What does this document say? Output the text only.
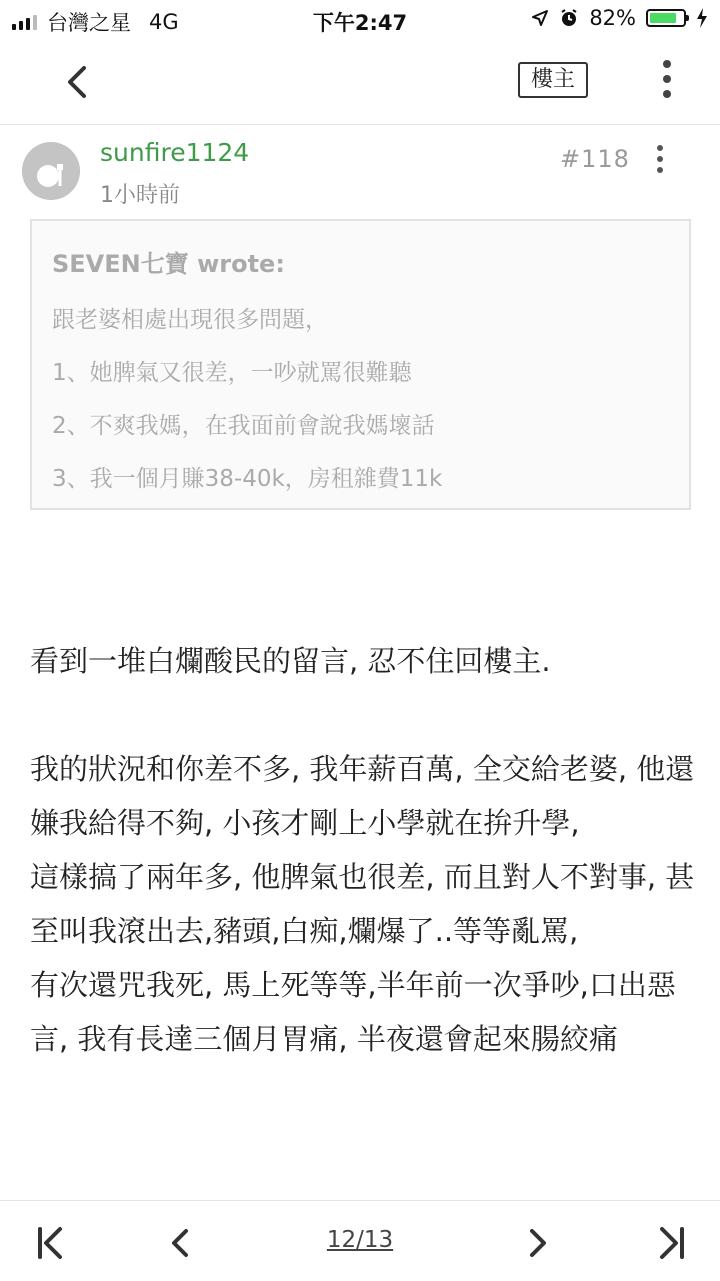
台灣之星 4G	下午2:47	82%
樓主
sunfire1124
1小時前
#118
SEVEN七寶 wrote:
跟老婆相處出現很多問題，
1、她脾氣又很差，一吵就罵很難聽
2、不爽我媽，在我面前會說我媽壞話
3、我一個月賺38-40k，房租雜費11k

看到一堆白爛酸民的留言, 忍不住回樓主.

我的狀況和你差不多, 我年薪百萬, 全交給老婆, 他還嫌我給得不夠, 小孩才剛上小學就在拚升學,

這樣搞了兩年多, 他脾氣也很差, 而且對人不對事, 甚至叫我滾出去,豬頭,白痴,爛爆了..等等亂罵,

有次還咒我死, 馬上死等等,半年前一次爭吵,口出惡言, 我有長達三個月胃痛, 半夜還會起來腸絞痛

12/13
